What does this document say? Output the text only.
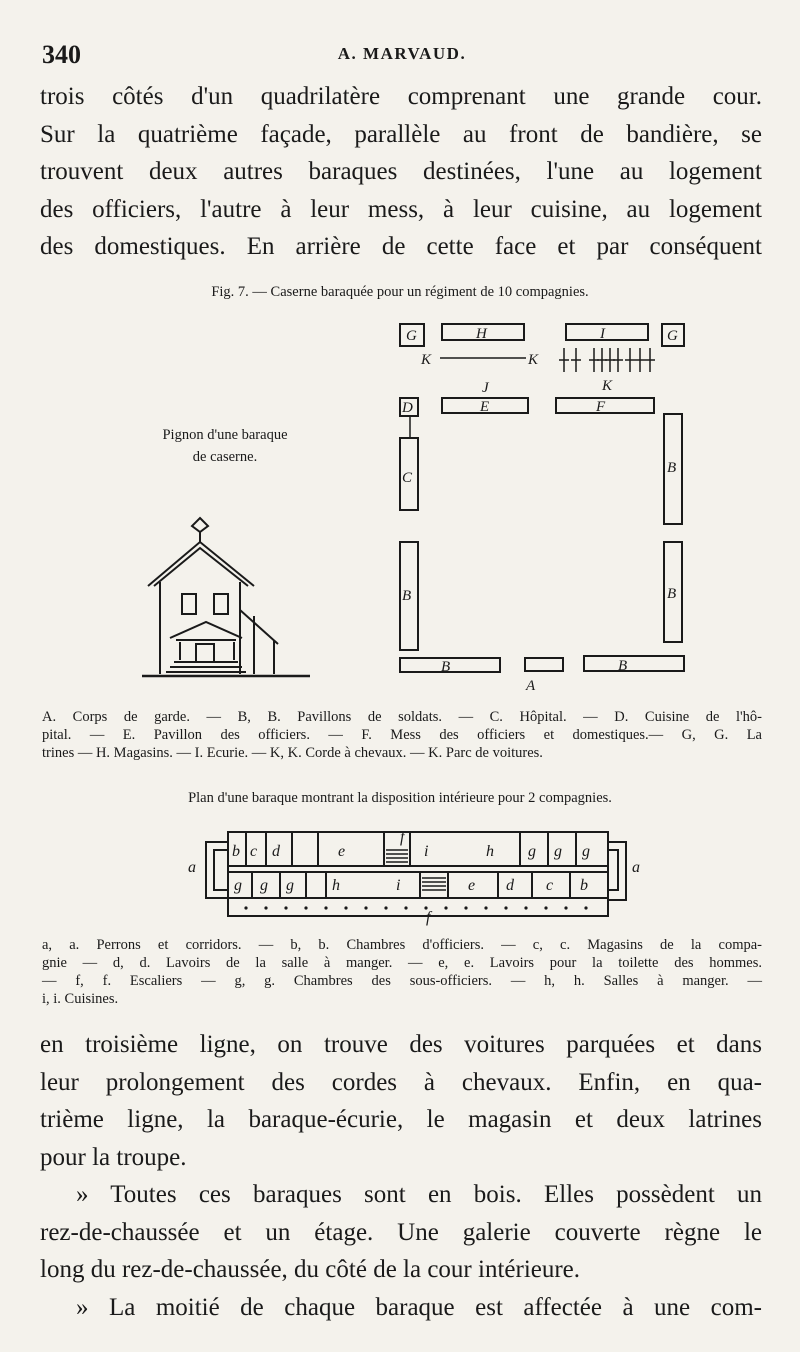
340	A. MARVAUD.
trois côtés d'un quadrilatère comprenant une grande cour.
Sur la quatrième façade, parallèle au front de bandière, se
trouvent deux autres baraques destinées, l'une au logement
des officiers, l'autre à leur mess, à leur cuisine, au logement
des domestiques. En arrière de cette face et par conséquent
Fig. 7. — Caserne baraquée pour un régiment de 10 compagnies.
Pignon d'une baraque
de caserne.
G	H	I	G
K	K
K
J
D	E	F
C
B
B	B
B	B
A
A. Corps de garde. — B, B. Pavillons de soldats. — C. Hôpital. — D. Cuisine de l'hô-
pital. — E. Pavillon des officiers. — F. Mess des officiers et domestiques.— G, G. La
trines — H. Magasins. — I. Ecurie. — K, K. Corde à chevaux. — K. Parc de voitures.
Plan d'une baraque montrant la disposition intérieure pour 2 compagnies.
a	a
b c d	e
f
i	h g g g
g g g h	i	e d c b
f
a, a. Perrons et corridors. — b, b. Chambres d'officiers. — c, c. Magasins de la compa-
gnie — d, d. Lavoirs de la salle à manger. — e, e. Lavoirs pour la toilette des hommes.
— f, f. Escaliers — g, g. Chambres des sous-officiers. — h, h. Salles à manger. —
i, i. Cuisines.
en troisième ligne, on trouve des voitures parquées et dans
leur prolongement des cordes à chevaux. Enfin, en qua-
trième ligne, la baraque-écurie, le magasin et deux latrines
pour la troupe.
» Toutes ces baraques sont en bois. Elles possèdent un
rez-de-chaussée et un étage. Une galerie couverte règne le
long du rez-de-chaussée, du côté de la cour intérieure.
» La moitié de chaque baraque est affectée à une com-
